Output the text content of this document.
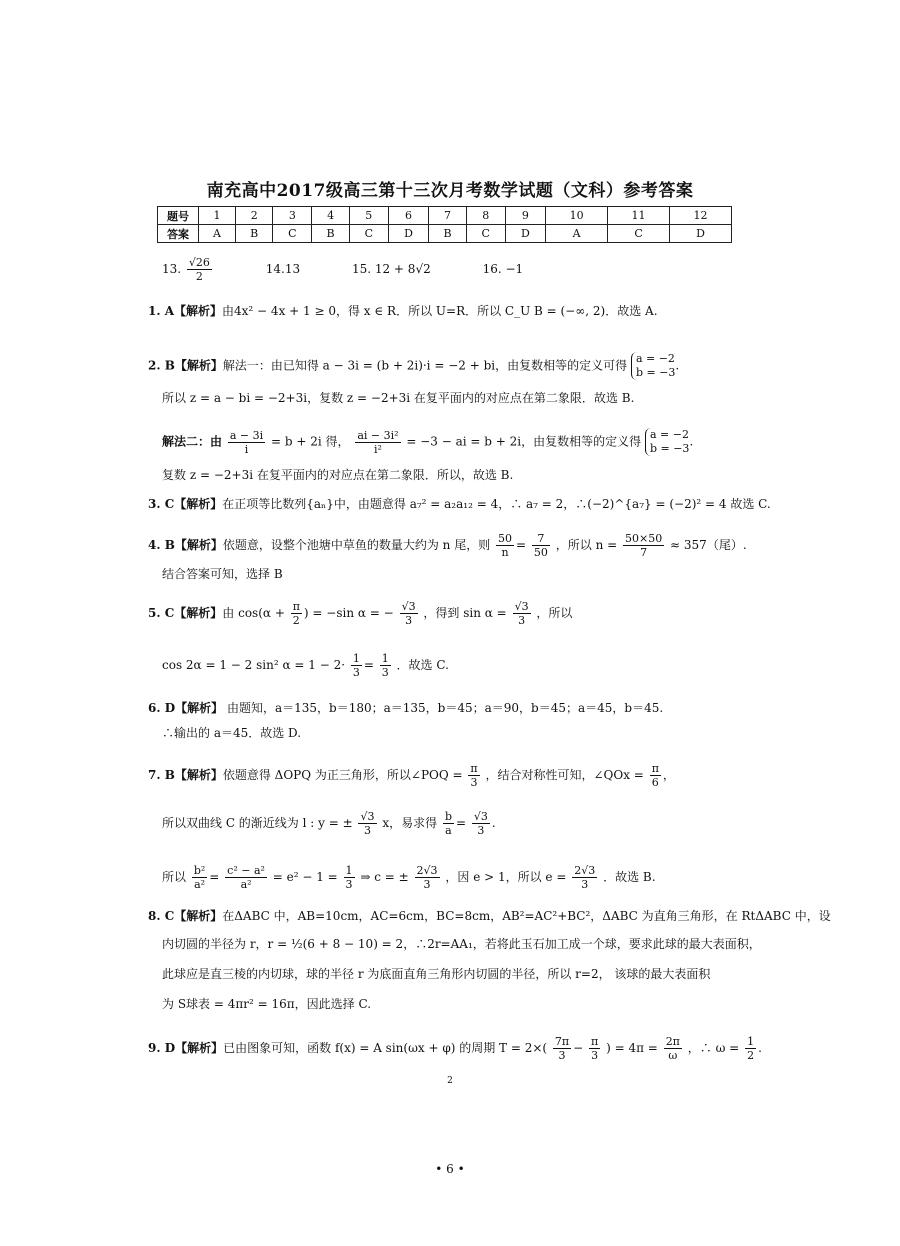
南充高中2017级高三第十三次月考数学试题（文科）参考答案
题号	1	2	3	4	5	6	7	8	9	10	11	12
答案	A	B	C	B	C	D	B	C	D	A	C	D
13. $\frac{√26}{2}$	14.13	15. 12 + 8√2	16. −1
1. A【解析】由4x² − 4x + 1 ≥ 0，得 x ∈ R．所以 U=R．所以 C_U B = (−∞, 2)．故选 A.
2. B【解析】解法一：由已知得 a − 3i = (b + 2i)·i = −2 + bi，由复数相等的定义可得 a = −2
b = −3.
所以 z = a − bi = −2+3i，复数 z = −2+3i 在复平面内的对应点在第二象限．故选 B.
解法二：由 $\frac{a - 3i}{i} = b + 2i$ 得， $\frac{\text{ai − 3i²}}{\text{i²}} = -3$ − ai = b + 2i，由复数相等的定义得 a = −2
b = −3.
复数 z = −2+3i 在复平面内的对应点在第二象限．所以，故选 B.
3. C【解析】在正项等比数列{aₙ}中，由题意得 a₇² = a₂a₁₂ = 4，∴ a₇ = 2，∴(−2)^{a₇} = (−2)² = 4 故选 C.
4. B【解析】依题意，设整个池塘中草鱼的数量大约为 n 尾，则 $\frac{50}{n} = \frac{7}{50}$ ，所以 $n = \frac{50\times 50}{7} \approx 357$（尾）.
结合答案可知，选择 B
5. C【解析】由 $\cos(\alpha + \frac{\pi}{2}$ ) = −sin α = − $\frac{√3}{3}$ ，得到 $\sin \alpha = \frac{√3}{3}$ ，所以
cos 2α = 1 − 2 sin² $\alpha = 1 - 2\cdot \frac{1}{3} = \frac{1}{3}$ ．故选 C.
6. D【解析】 由题知，a＝135，b＝180；a＝135，b＝45；a＝90，b＝45；a＝45，b＝45.
∴输出的 a＝45．故选 D.
7. B【解析】依题意得 ΔOPQ 为正三角形，所以∠POQ = $\frac{\pi}{3}$ ，结合对称性可知，∠QOx = $\frac{\pi}{6}$ ，
所以双曲线 C 的渐近线为 l : y = ± $\frac{√3}{3}$ x，易求得 $\frac{b}{a} = \frac{√3}{3}$ .
所以 $\frac{\text{b²}}{\text{a²}} = \frac{\text{c² − a²}}{\text{a²}} = e^2 - 1 = \frac{1}{3}$ ⇒ c = ± $\frac{2√3}{3}$ ，因 e > 1，所以 $e = \frac{2√3}{3}$ ．故选 B.
8. C【解析】在ΔABC 中，AB=10cm，AC=6cm，BC=8cm，AB²=AC²+BC²，ΔABC 为直角三角形，在 RtΔABC 中，设
内切圆的半径为 r，r = ½(6 + 8 − 10) = 2，∴2r=AA₁，若将此玉石加工成一个球，要求此球的最大表面积，
此球应是直三棱的内切球，球的半径 r 为底面直角三角形内切圆的半径，所以 r=2， 该球的最大表面积
为 S球表 = 4πr² = 16π，因此选择 C.
9. D【解析】已由图象可知，函数 f(x) = A sin(ωx + φ) 的周期 $T = 2\times( \frac{7\pi}{3} - \frac{\pi}{3}$ ) = $4\pi = \frac{2\pi}{\omega}$ ，∴ $\omega = \frac{1}{2}$ .
2
• 6 •
